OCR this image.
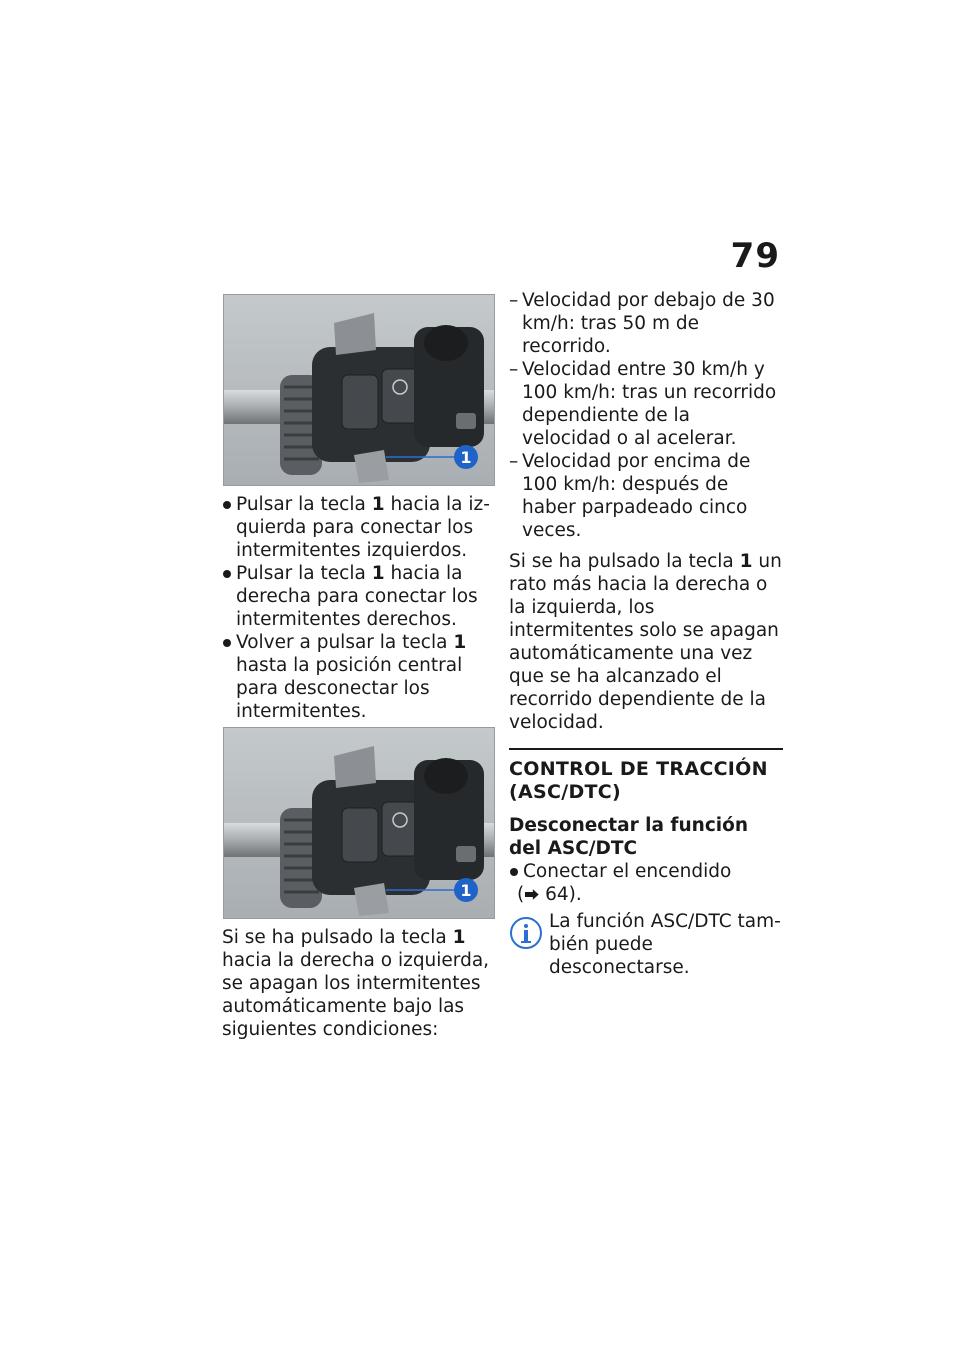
79
1
Pulsar la tecla 1 hacia la izquierda para conectar los intermitentes izquierdos.
Pulsar la tecla 1 hacia la derecha para conectar los intermitentes derechos.
Volver a pulsar la tecla 1 hasta la posición central para desconectar los intermitentes.

1

Si se ha pulsado la tecla 1 hacia la derecha o izquierda, se apagan los intermitentes automáticamente bajo las siguientes condiciones:

– Velocidad por debajo de 30 km/h: tras 50 m de recorrido.
– Velocidad entre 30 km/h y 100 km/h: tras un recorrido dependiente de la velocidad o al acelerar.
– Velocidad por encima de 100 km/h: después de haber parpadeado cinco veces.

Si se ha pulsado la tecla 1 un rato más hacia la derecha o la izquierda, los intermitentes solo se apagan automáticamente una vez que se ha alcanzado el recorrido dependiente de la velocidad.

CONTROL DE TRACCIÓN (ASC/DTC)

Desconectar la función del ASC/DTC

Conectar el encendido
(⮕ 64).
La función ASC/DTC también puede desconectarse.
